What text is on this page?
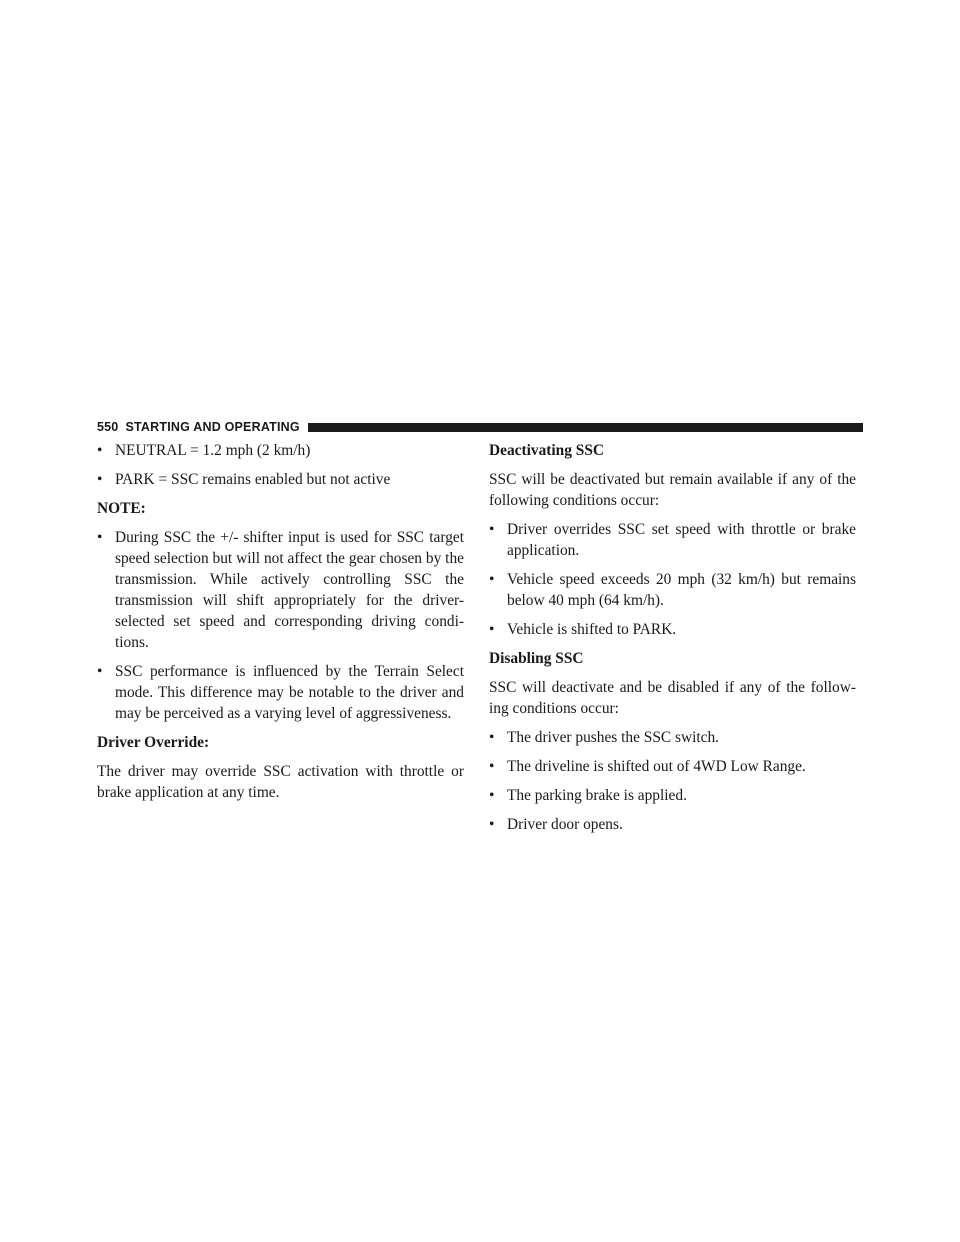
550 STARTING AND OPERATING
• NEUTRAL = 1.2 mph (2 km/h)
• PARK = SSC remains enabled but not active

NOTE:

• During SSC the +/- shifter input is used for SSC target speed selection but will not affect the gear chosen by the transmission. While actively controlling SSC the transmission will shift appropriately for the driver-selected set speed and corresponding driving condi-tions.
• SSC performance is influenced by the Terrain Select mode. This difference may be notable to the driver and may be perceived as a varying level of aggressiveness.

Driver Override:

The driver may override SSC activation with throttle or brake application at any time.

Deactivating SSC

SSC will be deactivated but remain available if any of the following conditions occur:

• Driver overrides SSC set speed with throttle or brake application.
• Vehicle speed exceeds 20 mph (32 km/h) but remains below 40 mph (64 km/h).
• Vehicle is shifted to PARK.

Disabling SSC

SSC will deactivate and be disabled if any of the follow-ing conditions occur:

• The driver pushes the SSC switch.
• The driveline is shifted out of 4WD Low Range.
• The parking brake is applied.
• Driver door opens.
